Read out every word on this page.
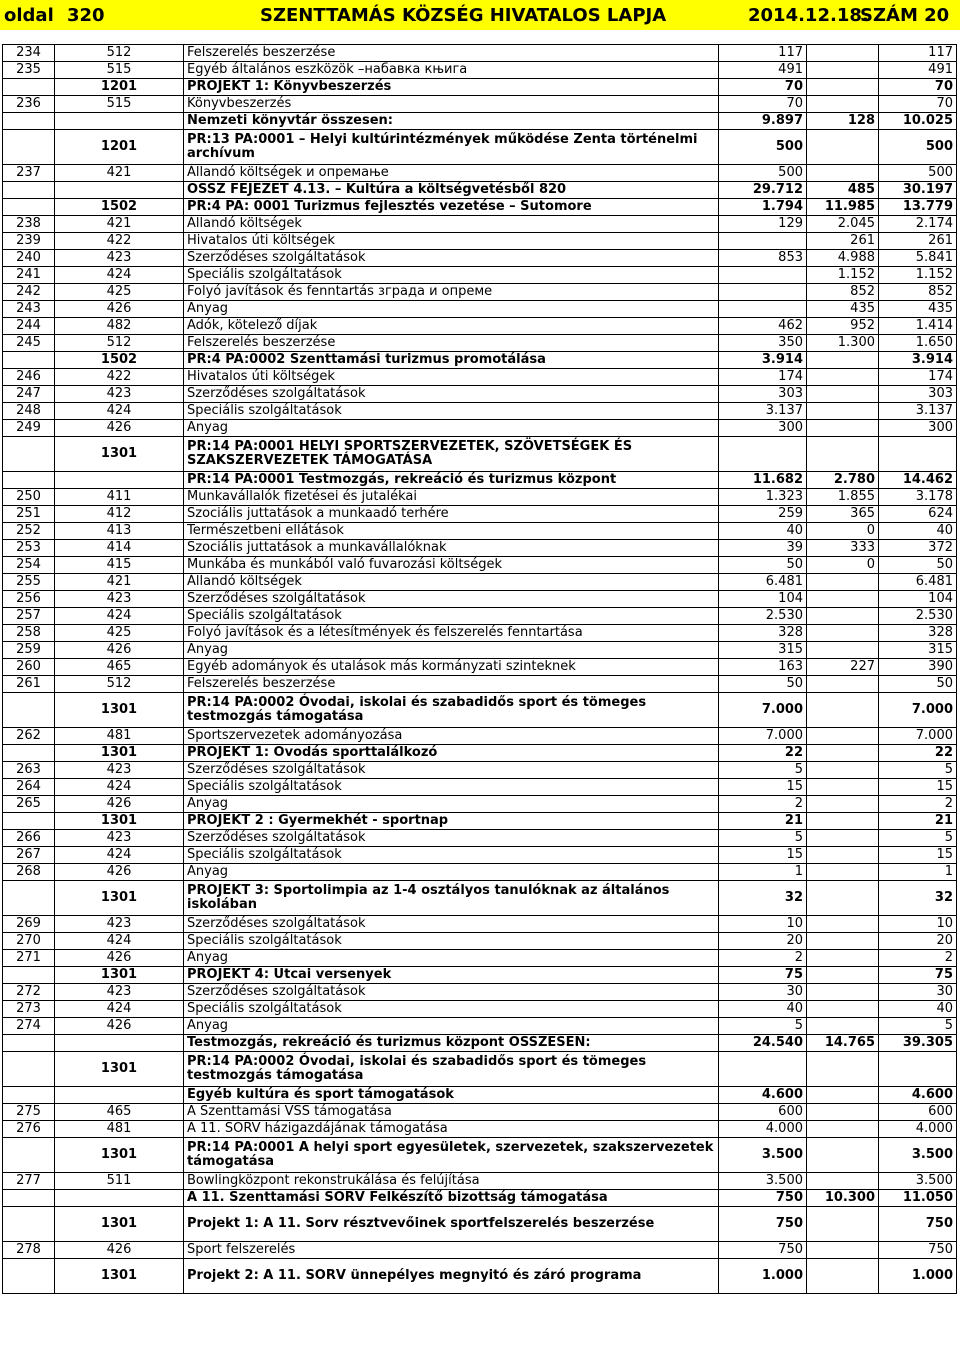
oldal 320	SZENTTAMÁS KÖZSÉG HIVATALOS LAPJA	2014.12.18.
SZÁM 20
234	512	Felszerelés beszerzése	117		117
235	515	Egyéb általános eszközök –набавка књига	491		491
	1201	PROJEKT 1: Könyvbeszerzés	70		70
236	515	Könyvbeszerzés	70		70
		Nemzeti könyvtár összesen:	9.897	128	10.025
	1201	PR:13 PA:0001 – Helyi kultúrintézmények működése Zenta történelmi archívum	500		500
237	421	Állandó költségek и опремање	500		500
		ÖSSZ FEJEZET 4.13. – Kultúra a költségvetésből 820	29.712	485	30.197
	1502	PR:4 PA: 0001 Turizmus fejlesztés vezetése – Sutomore	1.794	11.985	13.779
238	421	Állandó költségek	129	2.045	2.174
239	422	Hivatalos úti költségek		261	261
240	423	Szerződéses szolgáltatások	853	4.988	5.841
241	424	Speciális szolgáltatások		1.152	1.152
242	425	Folyó javítások és fenntartás зграда и опреме		852	852
243	426	Anyag		435	435
244	482	Adók, kötelező díjak	462	952	1.414
245	512	Felszerelés beszerzése	350	1.300	1.650
	1502	PR:4 PA:0002 Szenttamási turizmus promotálása	3.914		3.914
246	422	Hivatalos úti költségek	174		174
247	423	Szerződéses szolgáltatások	303		303
248	424	Speciális szolgáltatások	3.137		3.137
249	426	Anyag	300		300
	1301	PR:14 PA:0001 HELYI SPORTSZERVEZETEK, SZÖVETSÉGEK ÉS SZAKSZERVEZETEK TÁMOGATÁSA			
		PR:14 PA:0001 Testmozgás, rekreáció és turizmus központ	11.682	2.780	14.462
250	411	Munkavállalók fizetései és jutalékai	1.323	1.855	3.178
251	412	Szociális juttatások a munkaadó terhére	259	365	624
252	413	Természetbeni ellátások	40	0	40
253	414	Szociális juttatások a munkavállalóknak	39	333	372
254	415	Munkába és munkából való fuvarozási költségek	50	0	50
255	421	Állandó költségek	6.481		6.481
256	423	Szerződéses szolgáltatások	104		104
257	424	Speciális szolgáltatások	2.530		2.530
258	425	Folyó javítások és a létesítmények és felszerelés fenntartása	328		328
259	426	Anyag	315		315
260	465	Egyéb adományok és utalások más kormányzati szinteknek	163	227	390
261	512	Felszerelés beszerzése	50		50
	1301	PR:14 PA:0002 Óvodai, iskolai és szabadidős sport és tömeges testmozgás támogatása	7.000		7.000
262	481	Sportszervezetek adományozása	7.000		7.000
	1301	PROJEKT 1: Óvodás sporttalálkozó	22		22
263	423	Szerződéses szolgáltatások	5		5
264	424	Speciális szolgáltatások	15		15
265	426	Anyag	2		2
	1301	PROJEKT 2 : Gyermekhét - sportnap	21		21
266	423	Szerződéses szolgáltatások	5		5
267	424	Speciális szolgáltatások	15		15
268	426	Anyag	1		1
	1301	PROJEKT 3: Sportolimpia az 1-4 osztályos tanulóknak az általános iskolában	32		32
269	423	Szerződéses szolgáltatások	10		10
270	424	Speciális szolgáltatások	20		20
271	426	Anyag	2		2
	1301	PROJEKT 4: Utcai versenyek	75		75
272	423	Szerződéses szolgáltatások	30		30
273	424	Speciális szolgáltatások	40		40
274	426	Anyag	5		5
		Testmozgás, rekreáció és turizmus központ ÖSSZESEN:	24.540	14.765	39.305
	1301	PR:14 PA:0002 Óvodai, iskolai és szabadidős sport és tömeges testmozgás támogatása			
		Egyéb kultúra és sport támogatások	4.600		4.600
275	465	A Szenttamási VSS támogatása	600		600
276	481	A 11. SORV házigazdájának támogatása	4.000		4.000
	1301	PR:14 PA:0001 A helyi sport egyesületek, szervezetek, szakszervezetek támogatása	3.500		3.500
277	511	Bowlingközpont rekonstrukálása és felújítása	3.500		3.500
		A 11. Szenttamási SORV Felkészítő bizottság támogatása	750	10.300	11.050
	1301	Projekt 1: A 11. Sorv résztvevőinek sportfelszerelés beszerzése	750		750
278	426	Sport felszerelés	750		750
	1301	Projekt 2: A 11. SORV ünnepélyes megnyitó és záró programa	1.000		1.000
